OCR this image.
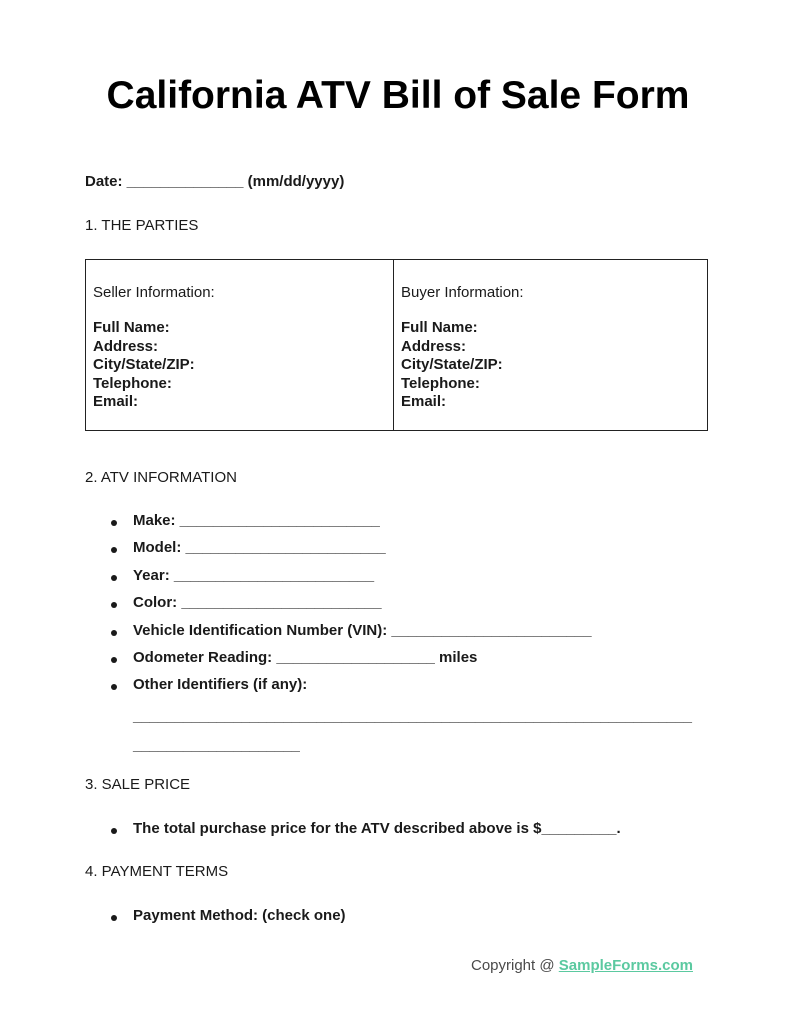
California ATV Bill of Sale Form
Date: ______________ (mm/dd/yyyy)
1. THE PARTIES
Seller Information:
Full Name:
Address:
City/State/ZIP:
Telephone:
Email:
Buyer Information:
Full Name:
Address:
City/State/ZIP:
Telephone:
Email:
2. ATV INFORMATION
Make: ________________________
Model: ________________________
Year: ________________________
Color: ________________________
Vehicle Identification Number (VIN): ________________________
Odometer Reading: ___________________ miles
Other Identifiers (if any):
___________________________________________________________________
____________________
3. SALE PRICE
The total purchase price for the ATV described above is $_________.
4. PAYMENT TERMS
Payment Method: (check one)
Copyright @ SampleForms.com
